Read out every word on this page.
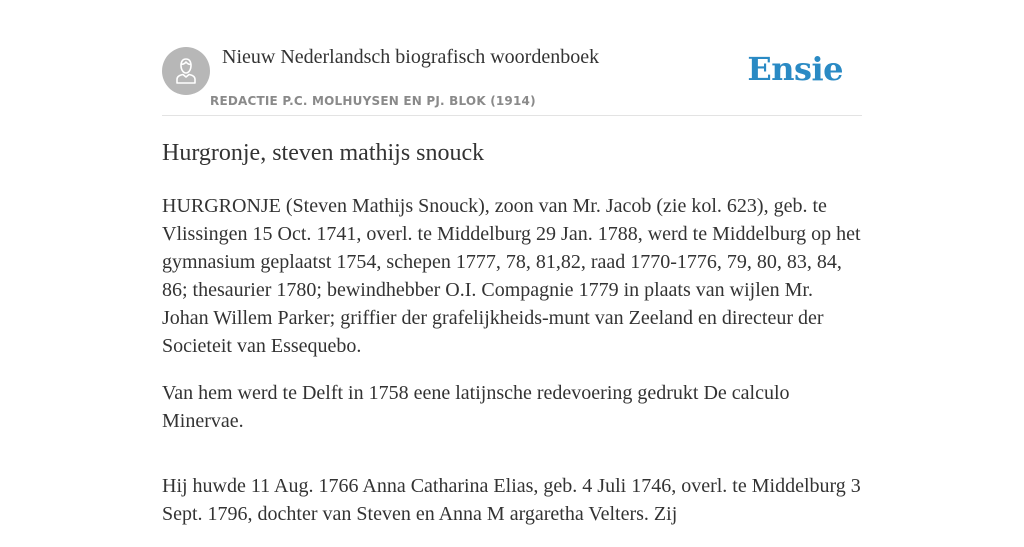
Nieuw Nederlandsch biografisch woordenboek
REDACTIE P.C. MOLHUYSEN EN PJ. BLOK (1914)
Ensie
Hurgronje, steven mathijs snouck

HURGRONJE (Steven Mathijs Snouck), zoon van Mr. Jacob (zie kol. 623), geb. te Vlissingen 15 Oct. 1741, overl. te Middelburg 29 Jan. 1788, werd te Middelburg op het gymnasium geplaatst 1754, schepen 1777, 78, 81,82, raad 1770-1776, 79, 80, 83, 84, 86; thesaurier 1780; bewindhebber O.I. Compagnie 1779 in plaats van wijlen Mr. Johan Willem Parker; griffier der grafelijkheids-munt van Zeeland en directeur der Societeit van Essequebo.

Van hem werd te Delft in 1758 eene latijnsche redevoering gedrukt De calculo Minervae.

Hij huwde 11 Aug. 1766 Anna Catharina Elias, geb. 4 Juli 1746, overl. te Middelburg 3 Sept. 1796, dochter van Steven en Anna M argaretha Velters. Zij
